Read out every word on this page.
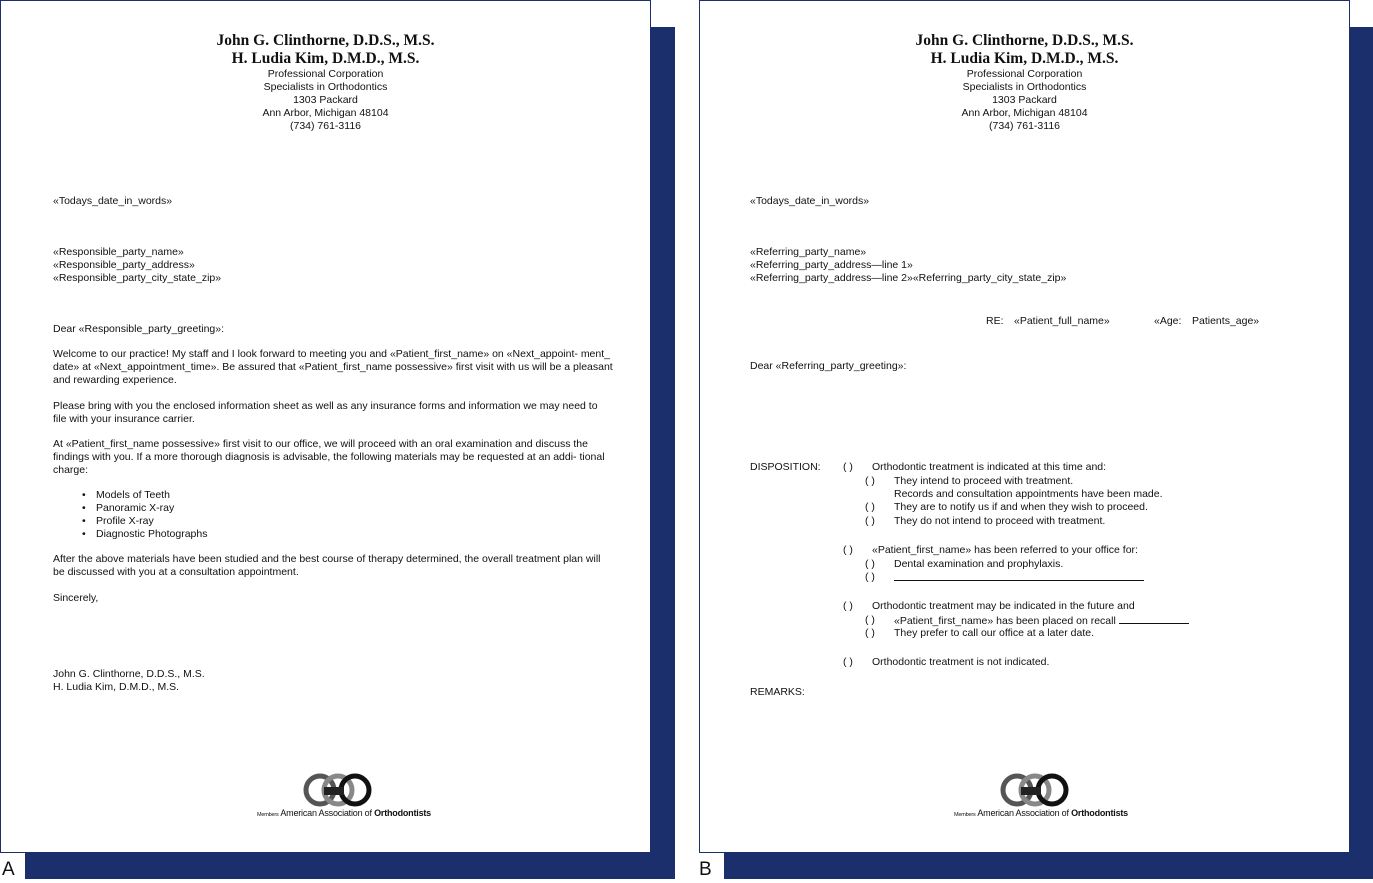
John G. Clinthorne, D.D.S., M.S.
H. Ludia Kim, D.M.D., M.S.
Professional Corporation
Specialists in Orthodontics
1303 Packard
Ann Arbor, Michigan 48104
(734) 761-3116
«Todays_date_in_words»
«Responsible_party_name»
«Responsible_party_address»
«Responsible_party_city_state_zip»
Dear «Responsible_party_greeting»:
Welcome to our practice! My staff and I look forward to meeting you and «Patient_first_name» on «Next_appoint- ment_ date» at «Next_appointment_time». Be assured that «Patient_first_name possessive» first visit with us will be a pleasant and rewarding experience.
Please bring with you the enclosed information sheet as well as any insurance forms and information we may need to file with your insurance carrier.
At «Patient_first_name possessive» first visit to our office, we will proceed with an oral examination and discuss the findings with you. If a more thorough diagnosis is advisable, the following materials may be requested at an addi- tional charge:
• Models of Teeth
• Panoramic X-ray
• Profile X-ray
• Diagnostic Photographs
After the above materials have been studied and the best course of therapy determined, the overall treatment plan will be discussed with you at a consultation appointment.
Sincerely,
John G. Clinthorne, D.D.S., M.S.
H. Ludia Kim, D.M.D., M.S.
Members American Association of Orthodontists
A
John G. Clinthorne, D.D.S., M.S.
H. Ludia Kim, D.M.D., M.S.
Professional Corporation
Specialists in Orthodontics
1303 Packard
Ann Arbor, Michigan 48104
(734) 761-3116
«Todays_date_in_words»
«Referring_party_name»
«Referring_party_address—line 1»
«Referring_party_address—line 2»«Referring_party_city_state_zip»
RE: «Patient_full_name»	«Age: Patients_age»
Dear «Referring_party_greeting»:
DISPOSITION: ( ) Orthodontic treatment is indicated at this time and:
( ) They intend to proceed with treatment.
Records and consultation appointments have been made.
( ) They are to notify us if and when they wish to proceed.
( ) They do not intend to proceed with treatment.
( ) «Patient_first_name» has been referred to your office for:
( ) Dental examination and prophylaxis.
( )
( ) Orthodontic treatment may be indicated in the future and
( ) «Patient_first_name» has been placed on recall
( ) They prefer to call our office at a later date.
( ) Orthodontic treatment is not indicated.
REMARKS:
Members American Association of Orthodontists
B
